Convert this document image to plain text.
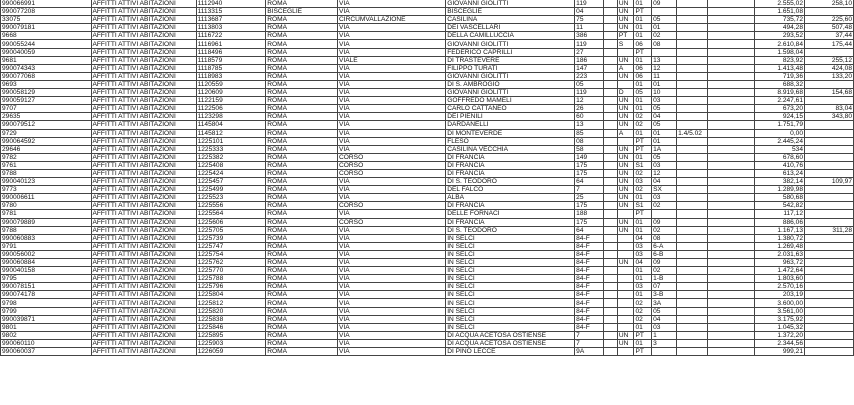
990066991	AFFITTI ATTIVI ABITAZIONI	1112940	ROMA	VIA	GIOVANNI GIOLITTI	119		UN	01	09			2.555,02	258,10
990077208	AFFITTI ATTIVI ABITAZIONI	1113315	BISCEGLIE	VIA	BISCEGLIE	04		UN	PT				1.651,08	
33075	AFFITTI ATTIVI ABITAZIONI	1113687	ROMA	CIRCUMVALLAZIONE	CASILINA	75		UN	01	05			735,72	225,60
990079181	AFFITTI ATTIVI ABITAZIONI	1113803	ROMA	VIA	DEI VASCELLARI	11		UN	01	01			494,28	507,48
9668	AFFITTI ATTIVI ABITAZIONI	1116722	ROMA	VIA	DELLA CAMILLUCCIA	386		PT	01	02			293,52	37,44
990055244	AFFITTI ATTIVI ABITAZIONI	1116961	ROMA	VIA	GIOVANNI GIOLITTI	119		S	06	08			2.610,84	175,44
990040059	AFFITTI ATTIVI ABITAZIONI	1118496	ROMA	VIA	FEDERICO CAPRILLI	27			PT				1.598,04	
9681	AFFITTI ATTIVI ABITAZIONI	1118579	ROMA	VIALE	DI TRASTEVERE	186		UN	01	13			823,92	255,12
990074343	AFFITTI ATTIVI ABITAZIONI	1118785	ROMA	VIA	FILIPPO TURATI	147		A	06	12			1.413,48	424,08
990077068	AFFITTI ATTIVI ABITAZIONI	1118983	ROMA	VIA	GIOVANNI GIOLITTI	223		UN	06	11			719,36	133,20
9693	AFFITTI ATTIVI ABITAZIONI	1120559	ROMA	VIA	DI S. AMBROGIO	05			01	01			688,32	
990058129	AFFITTI ATTIVI ABITAZIONI	1120609	ROMA	VIA	GIOVANNI GIOLITTI	119		D	05	10			8.919,68	154,68
990059127	AFFITTI ATTIVI ABITAZIONI	1122159	ROMA	VIA	GOFFREDO MAMELI	12		UN	01	03			2.247,61	
9707	AFFITTI ATTIVI ABITAZIONI	1122506	ROMA	VIA	CARLO CATTANEO	26		UN	01	05			673,20	83,04
29635	AFFITTI ATTIVI ABITAZIONI	1123298	ROMA	VIA	DEI PIENILI	60		UN	02	04			924,15	343,80
990079512	AFFITTI ATTIVI ABITAZIONI	1145804	ROMA	VIA	DARDANELLI	13		UN	02	05			1.751,79	
9729	AFFITTI ATTIVI ABITAZIONI	1145812	ROMA	VIA	DI MONTEVERDE	85		A	01	01	1.4/5.02		0,00	
990064592	AFFITTI ATTIVI ABITAZIONI	1225101	ROMA	VIA	FLESO	08			PT	01			2.445,24	
29646	AFFITTI ATTIVI ABITAZIONI	1225333	ROMA	VIA	CASILINA VECCHIA	58		UN	PT	1A			534	
9782	AFFITTI ATTIVI ABITAZIONI	1225382	ROMA	CORSO	DI FRANCIA	149		UN	01	05			678,60	
9761	AFFITTI ATTIVI ABITAZIONI	1225408	ROMA	CORSO	DI FRANCIA	175		UN	S1	03			410,76	
9788	AFFITTI ATTIVI ABITAZIONI	1225424	ROMA	CORSO	DI FRANCIA	175		UN	02	12			613,24	
990040123	AFFITTI ATTIVI ABITAZIONI	1225457	ROMA	VIA	DI S. TEODORO	64		UN	03	04			382,14	109,97
9773	AFFITTI ATTIVI ABITAZIONI	1225499	ROMA	VIA	DEL FALCO	7		UN	02	SX			1.289,98	
990006611	AFFITTI ATTIVI ABITAZIONI	1225523	ROMA	VIA	ALBA	25		UN	01	03			580,68	
9780	AFFITTI ATTIVI ABITAZIONI	1225556	ROMA	CORSO	DI FRANCIA	175		UN	S1	02			542,82	
9781	AFFITTI ATTIVI ABITAZIONI	1225564	ROMA	VIA	DELLE FORNACI	188			PT				117,12	
990079889	AFFITTI ATTIVI ABITAZIONI	1225606	ROMA	CORSO	DI FRANCIA	175		UN	01	09			886,06	
9788	AFFITTI ATTIVI ABITAZIONI	1225705	ROMA	VIA	DI S. TEODORO	64		UN	01	02			1.167,13	311,28
990060883	AFFITTI ATTIVI ABITAZIONI	1225739	ROMA	VIA	IN SELCI	84-F			04	08			1.380,72	
9791	AFFITTI ATTIVI ABITAZIONI	1225747	ROMA	VIA	IN SELCI	84-F			03	6-A			1.269,48	
990056002	AFFITTI ATTIVI ABITAZIONI	1225754	ROMA	VIA	IN SELCI	84-F			03	6-B			2.031,63	
990060884	AFFITTI ATTIVI ABITAZIONI	1225762	ROMA	VIA	IN SELCI	84-F		UN	04	09			963,72	
990040158	AFFITTI ATTIVI ABITAZIONI	1225770	ROMA	VIA	IN SELCI	84-F			01	02			1.472,64	
9795	AFFITTI ATTIVI ABITAZIONI	1225788	ROMA	VIA	IN SELCI	84-F			01	1-B			1.803,60	
990078151	AFFITTI ATTIVI ABITAZIONI	1225796	ROMA	VIA	IN SELCI	84-F			03	07			2.570,16	
990074178	AFFITTI ATTIVI ABITAZIONI	1225804	ROMA	VIA	IN SELCI	84-F			01	3-B			203,19	
9798	AFFITTI ATTIVI ABITAZIONI	1225812	ROMA	VIA	IN SELCI	84-F			02	3A			3.600,00	
9799	AFFITTI ATTIVI ABITAZIONI	1225820	ROMA	VIA	IN SELCI	84-F			02	05			3.561,00	
990039871	AFFITTI ATTIVI ABITAZIONI	1225838	ROMA	VIA	IN SELCI	84-F			02	04			3.175,92	
9801	AFFITTI ATTIVI ABITAZIONI	1225846	ROMA	VIA	IN SELCI	84-F			01	03			1.045,32	
9802	AFFITTI ATTIVI ABITAZIONI	1225895	ROMA	VIA	DI ACQUA ACETOSA OSTIENSE	7		UN	PT	1			1.372,20	
990060110	AFFITTI ATTIVI ABITAZIONI	1225903	ROMA	VIA	DI ACQUA ACETOSA OSTIENSE	7		UN	01	3			2.344,56	
990060037	AFFITTI ATTIVI ABITAZIONI	1226059	ROMA	VIA	DI PINO LECCE	9A			PT				999,21	
